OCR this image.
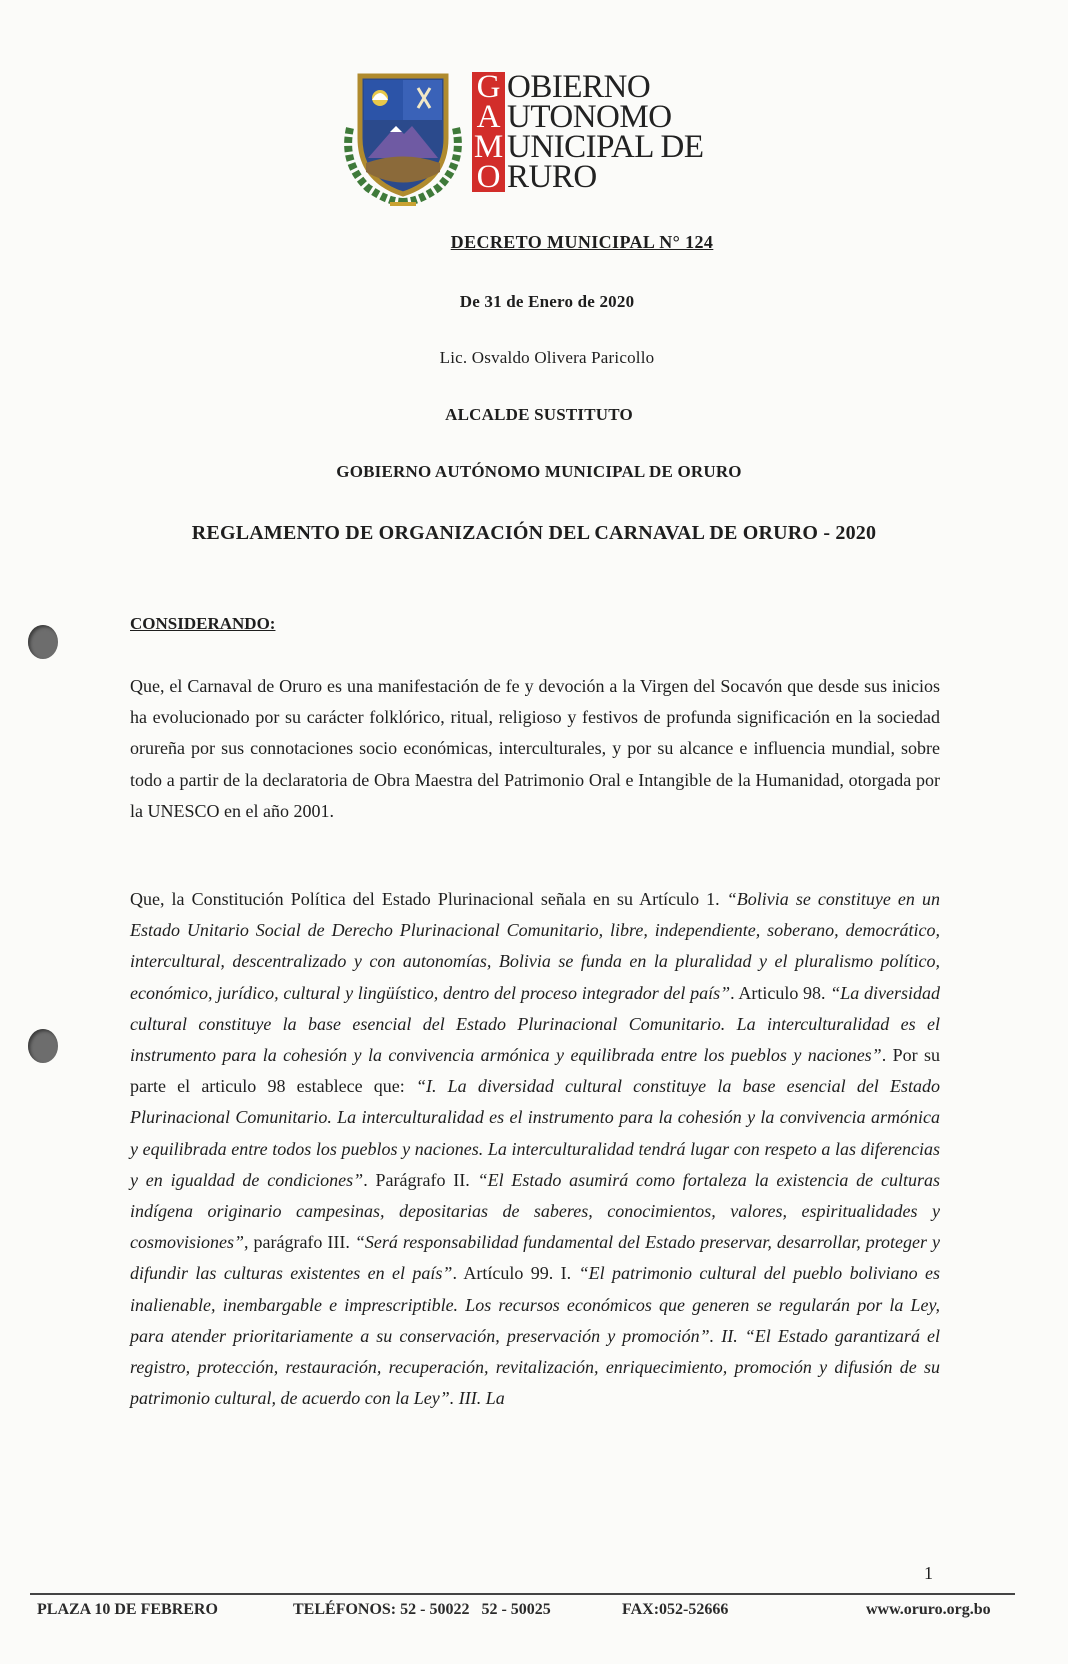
G
A
M
O
OBIERNO
UTONOMO
UNICIPAL DE
RURO
DECRETO MUNICIPAL N° 124
De 31 de Enero de 2020
Lic. Osvaldo Olivera Paricollo
ALCALDE SUSTITUTO
GOBIERNO AUTÓNOMO MUNICIPAL DE ORURO
REGLAMENTO DE ORGANIZACIÓN DEL CARNAVAL DE ORURO - 2020
CONSIDERANDO:

Que, el Carnaval de Oruro es una manifestación de fe y devoción a la Virgen del Socavón que desde sus inicios ha evolucionado por su carácter folklórico, ritual, religioso y festivos de profunda significación en la sociedad orureña por sus connotaciones socio económicas, interculturales, y por su alcance e influencia mundial, sobre todo a partir de la declaratoria de Obra Maestra del Patrimonio Oral e Intangible de la Humanidad, otorgada por la UNESCO en el año 2001.

Que, la Constitución Política del Estado Plurinacional señala en su Artículo 1. “Bolivia se constituye en un Estado Unitario Social de Derecho Plurinacional Comunitario, libre, independiente, soberano, democrático, intercultural, descentralizado y con autonomías, Bolivia se funda en la pluralidad y el pluralismo político, económico, jurídico, cultural y lingüístico, dentro del proceso integrador del país”. Articulo 98. “La diversidad cultural constituye la base esencial del Estado Plurinacional Comunitario. La interculturalidad es el instrumento para la cohesión y la convivencia armónica y equilibrada entre los pueblos y naciones”. Por su parte el articulo 98 establece que: “I. La diversidad cultural constituye la base esencial del Estado Plurinacional Comunitario. La interculturalidad es el instrumento para la cohesión y la convivencia armónica y equilibrada entre todos los pueblos y naciones. La interculturalidad tendrá lugar con respeto a las diferencias y en igualdad de condiciones”. Parágrafo II. “El Estado asumirá como fortaleza la existencia de culturas indígena originario campesinas, depositarias de saberes, conocimientos, valores, espiritualidades y cosmovisiones”, parágrafo III. “Será responsabilidad fundamental del Estado preservar, desarrollar, proteger y difundir las culturas existentes en el país”. Artículo 99. I. “El patrimonio cultural del pueblo boliviano es inalienable, inembargable e imprescriptible. Los recursos económicos que generen se regularán por la Ley, para atender prioritariamente a su conservación, preservación y promoción”. II. “El Estado garantizará el registro, protección, restauración, recuperación, revitalización, enriquecimiento, promoción y difusión de su patrimonio cultural, de acuerdo con la Ley”. III. La

1
PLAZA 10 DE FEBRERO	TELÉFONOS: 52 - 50022   52 - 50025	FAX:052-52666	www.oruro.org.bo
